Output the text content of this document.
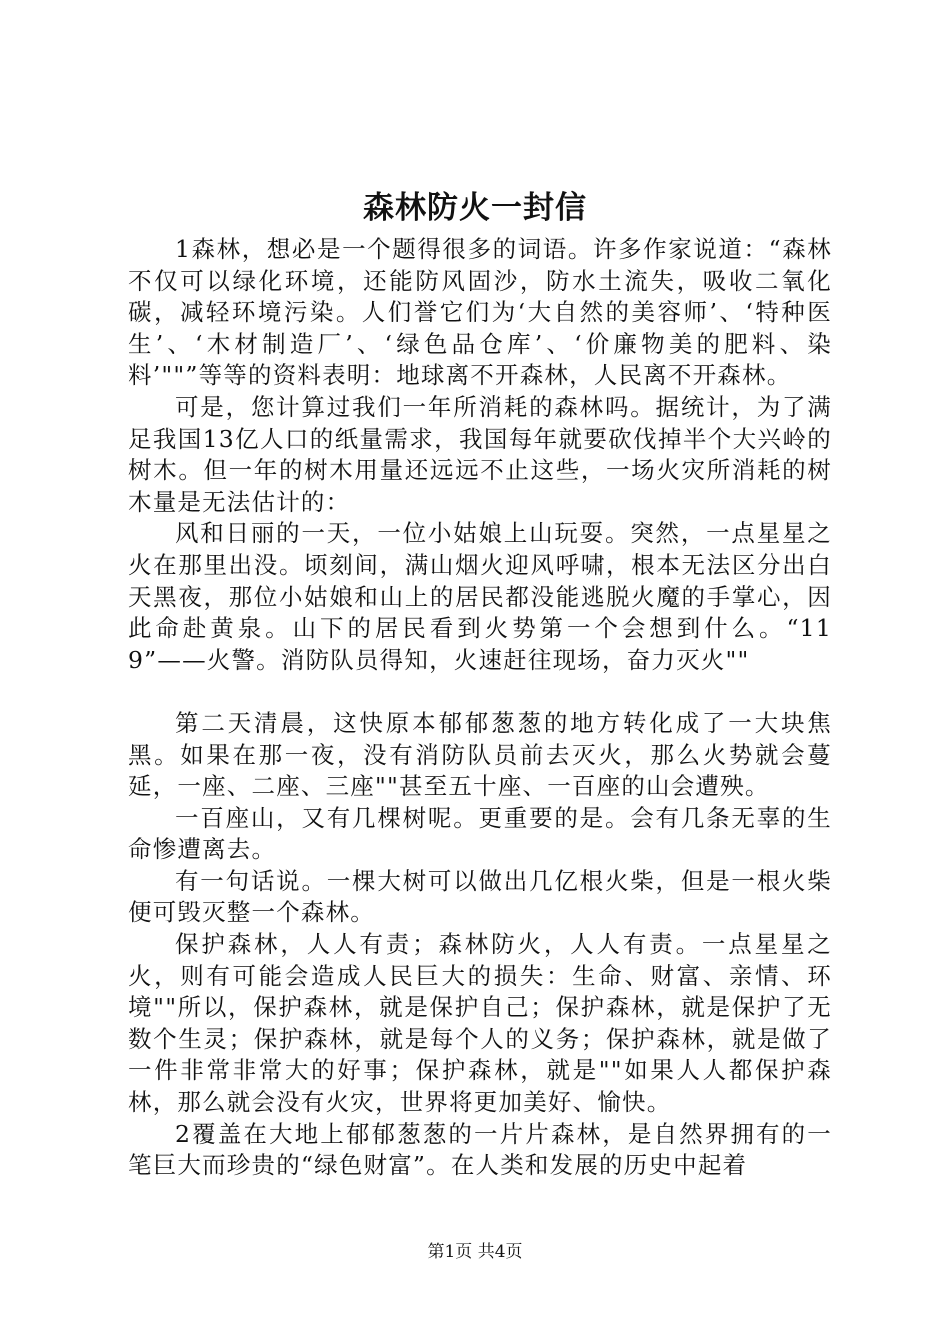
森林防火一封信

1森林，想必是一个题得很多的词语。许多作家说道：“森林不仅可以绿化环境，还能防风固沙，防水土流失，吸收二氧化碳，减轻环境污染。人们誉它们为‘大自然的美容师’、‘特种医生’、‘木材制造厂’、‘绿色品仓库’、‘价廉物美的肥料、染料’""”等等的资料表明：地球离不开森林，人民离不开森林。

可是，您计算过我们一年所消耗的森林吗。据统计，为了满足我国13亿人口的纸量需求，我国每年就要砍伐掉半个大兴岭的树木。但一年的树木用量还远远不止这些，一场火灾所消耗的树木量是无法估计的：

风和日丽的一天，一位小姑娘上山玩耍。突然，一点星星之火在那里出没。顷刻间，满山烟火迎风呼啸，根本无法区分出白天黑夜，那位小姑娘和山上的居民都没能逃脱火魔的手掌心，因此命赴黄泉。山下的居民看到火势第一个会想到什么。“119”——火警。消防队员得知，火速赶往现场，奋力灭火""

第二天清晨，这快原本郁郁葱葱的地方转化成了一大块焦黑。如果在那一夜，没有消防队员前去灭火，那么火势就会蔓延，一座、二座、三座""甚至五十座、一百座的山会遭殃。

一百座山，又有几棵树呢。更重要的是。会有几条无辜的生命惨遭离去。

有一句话说。一棵大树可以做出几亿根火柴，但是一根火柴便可毁灭整一个森林。

保护森林，人人有责；森林防火，人人有责。一点星星之火，则有可能会造成人民巨大的损失：生命、财富、亲情、环境""所以，保护森林，就是保护自己；保护森林，就是保护了无数个生灵；保护森林，就是每个人的义务；保护森林，就是做了一件非常非常大的好事；保护森林，就是""如果人人都保护森林，那么就会没有火灾，世界将更加美好、愉快。

2覆盖在大地上郁郁葱葱的一片片森林，是自然界拥有的一笔巨大而珍贵的“绿色财富”。在人类和发展的历史中起着

第1页 共4页
